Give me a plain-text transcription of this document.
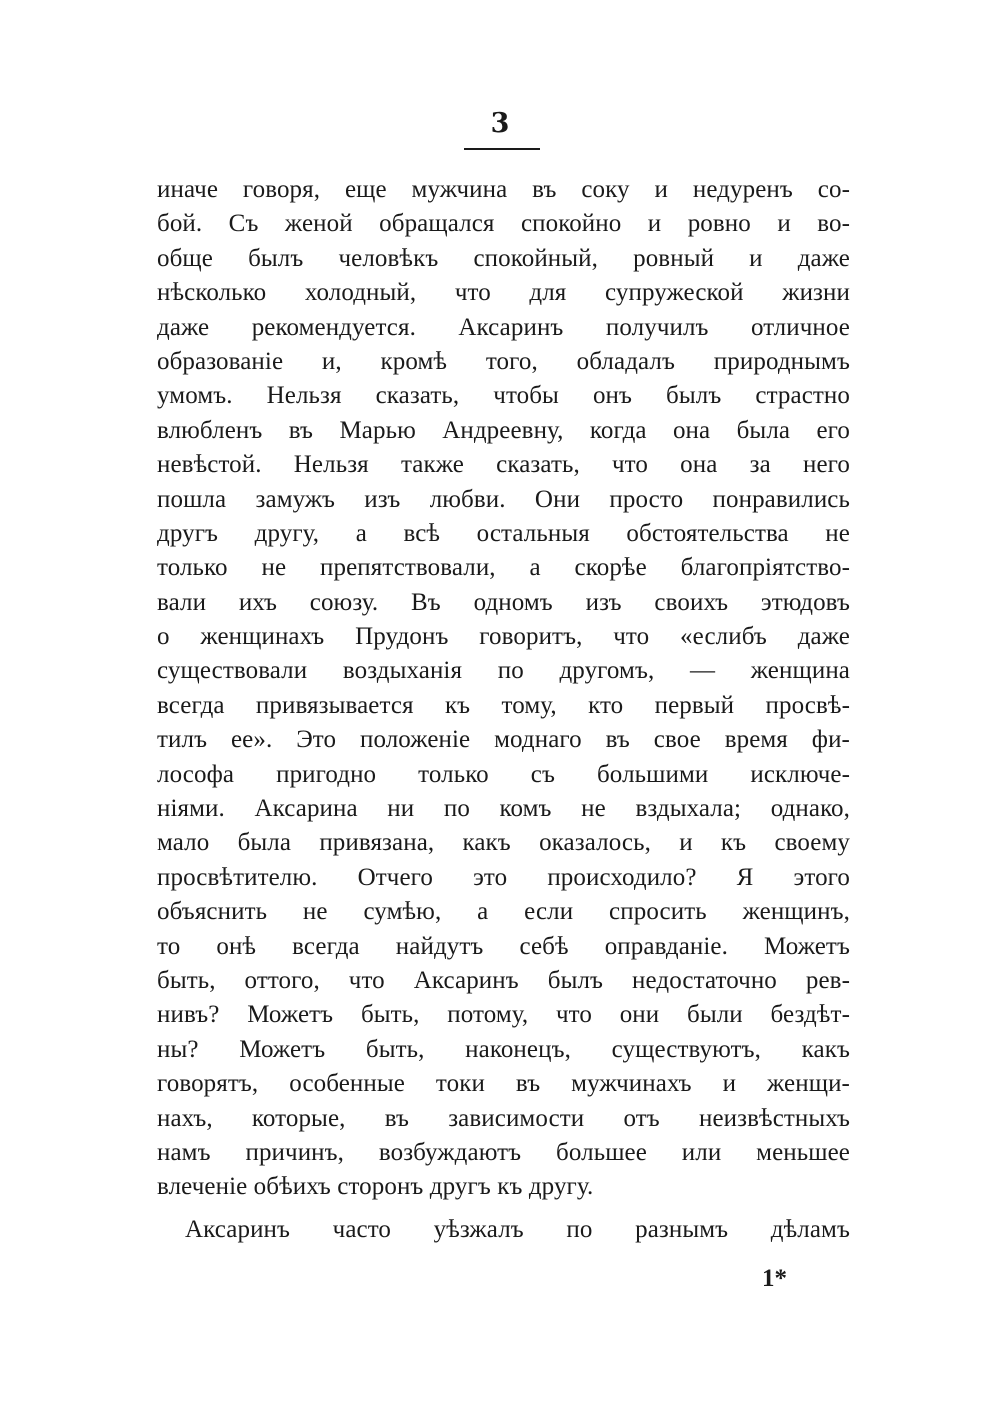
3
иначе говоря, еще мужчина въ соку и недуренъ со-
бой. Съ женой обращался спокойно и ровно и во-
обще былъ человѣкъ спокойный, ровный и даже
нѣсколько холодный, что для супружеской жизни
даже рекомендуется. Аксаринъ получилъ отличное
образованіе и, кромѣ того, обладалъ природнымъ
умомъ. Нельзя сказать, чтобы онъ былъ страстно
влюбленъ въ Марью Андреевну, когда она была его
невѣстой. Нельзя также сказать, что она за него
пошла замужъ изъ любви. Они просто понравились
другъ другу, а всѣ остальныя обстоятельства не
только не препятствовали, а скорѣе благопріятство-
вали ихъ союзу. Въ одномъ изъ своихъ этюдовъ
о женщинахъ Прудонъ говоритъ, что «еслибъ даже
существовали воздыханія по другомъ, — женщина
всегда привязывается къ тому, кто первый просвѣ-
тилъ ее». Это положеніе моднаго въ свое время фи-
лософа пригодно только съ большими исключе-
ніями. Аксарина ни по комъ не вздыхала; однако,
мало была привязана, какъ оказалось, и къ своему
просвѣтителю. Отчего это происходило? Я этого
объяснить не сумѣю, а если спросить женщинъ,
то онѣ всегда найдутъ себѣ оправданіе. Можетъ
быть, оттого, что Аксаринъ былъ недостаточно рев-
нивъ? Можетъ быть, потому, что они были бездѣт-
ны? Можетъ быть, наконецъ, существуютъ, какъ
говорятъ, особенные токи въ мужчинахъ и женщи-
нахъ, которые, въ зависимости отъ неизвѣстныхъ
намъ причинъ, возбуждаютъ большее или меньшее
влеченіе обѣихъ сторонъ другъ къ другу.
Аксаринъ часто уѣзжалъ по разнымъ дѣламъ
1*
